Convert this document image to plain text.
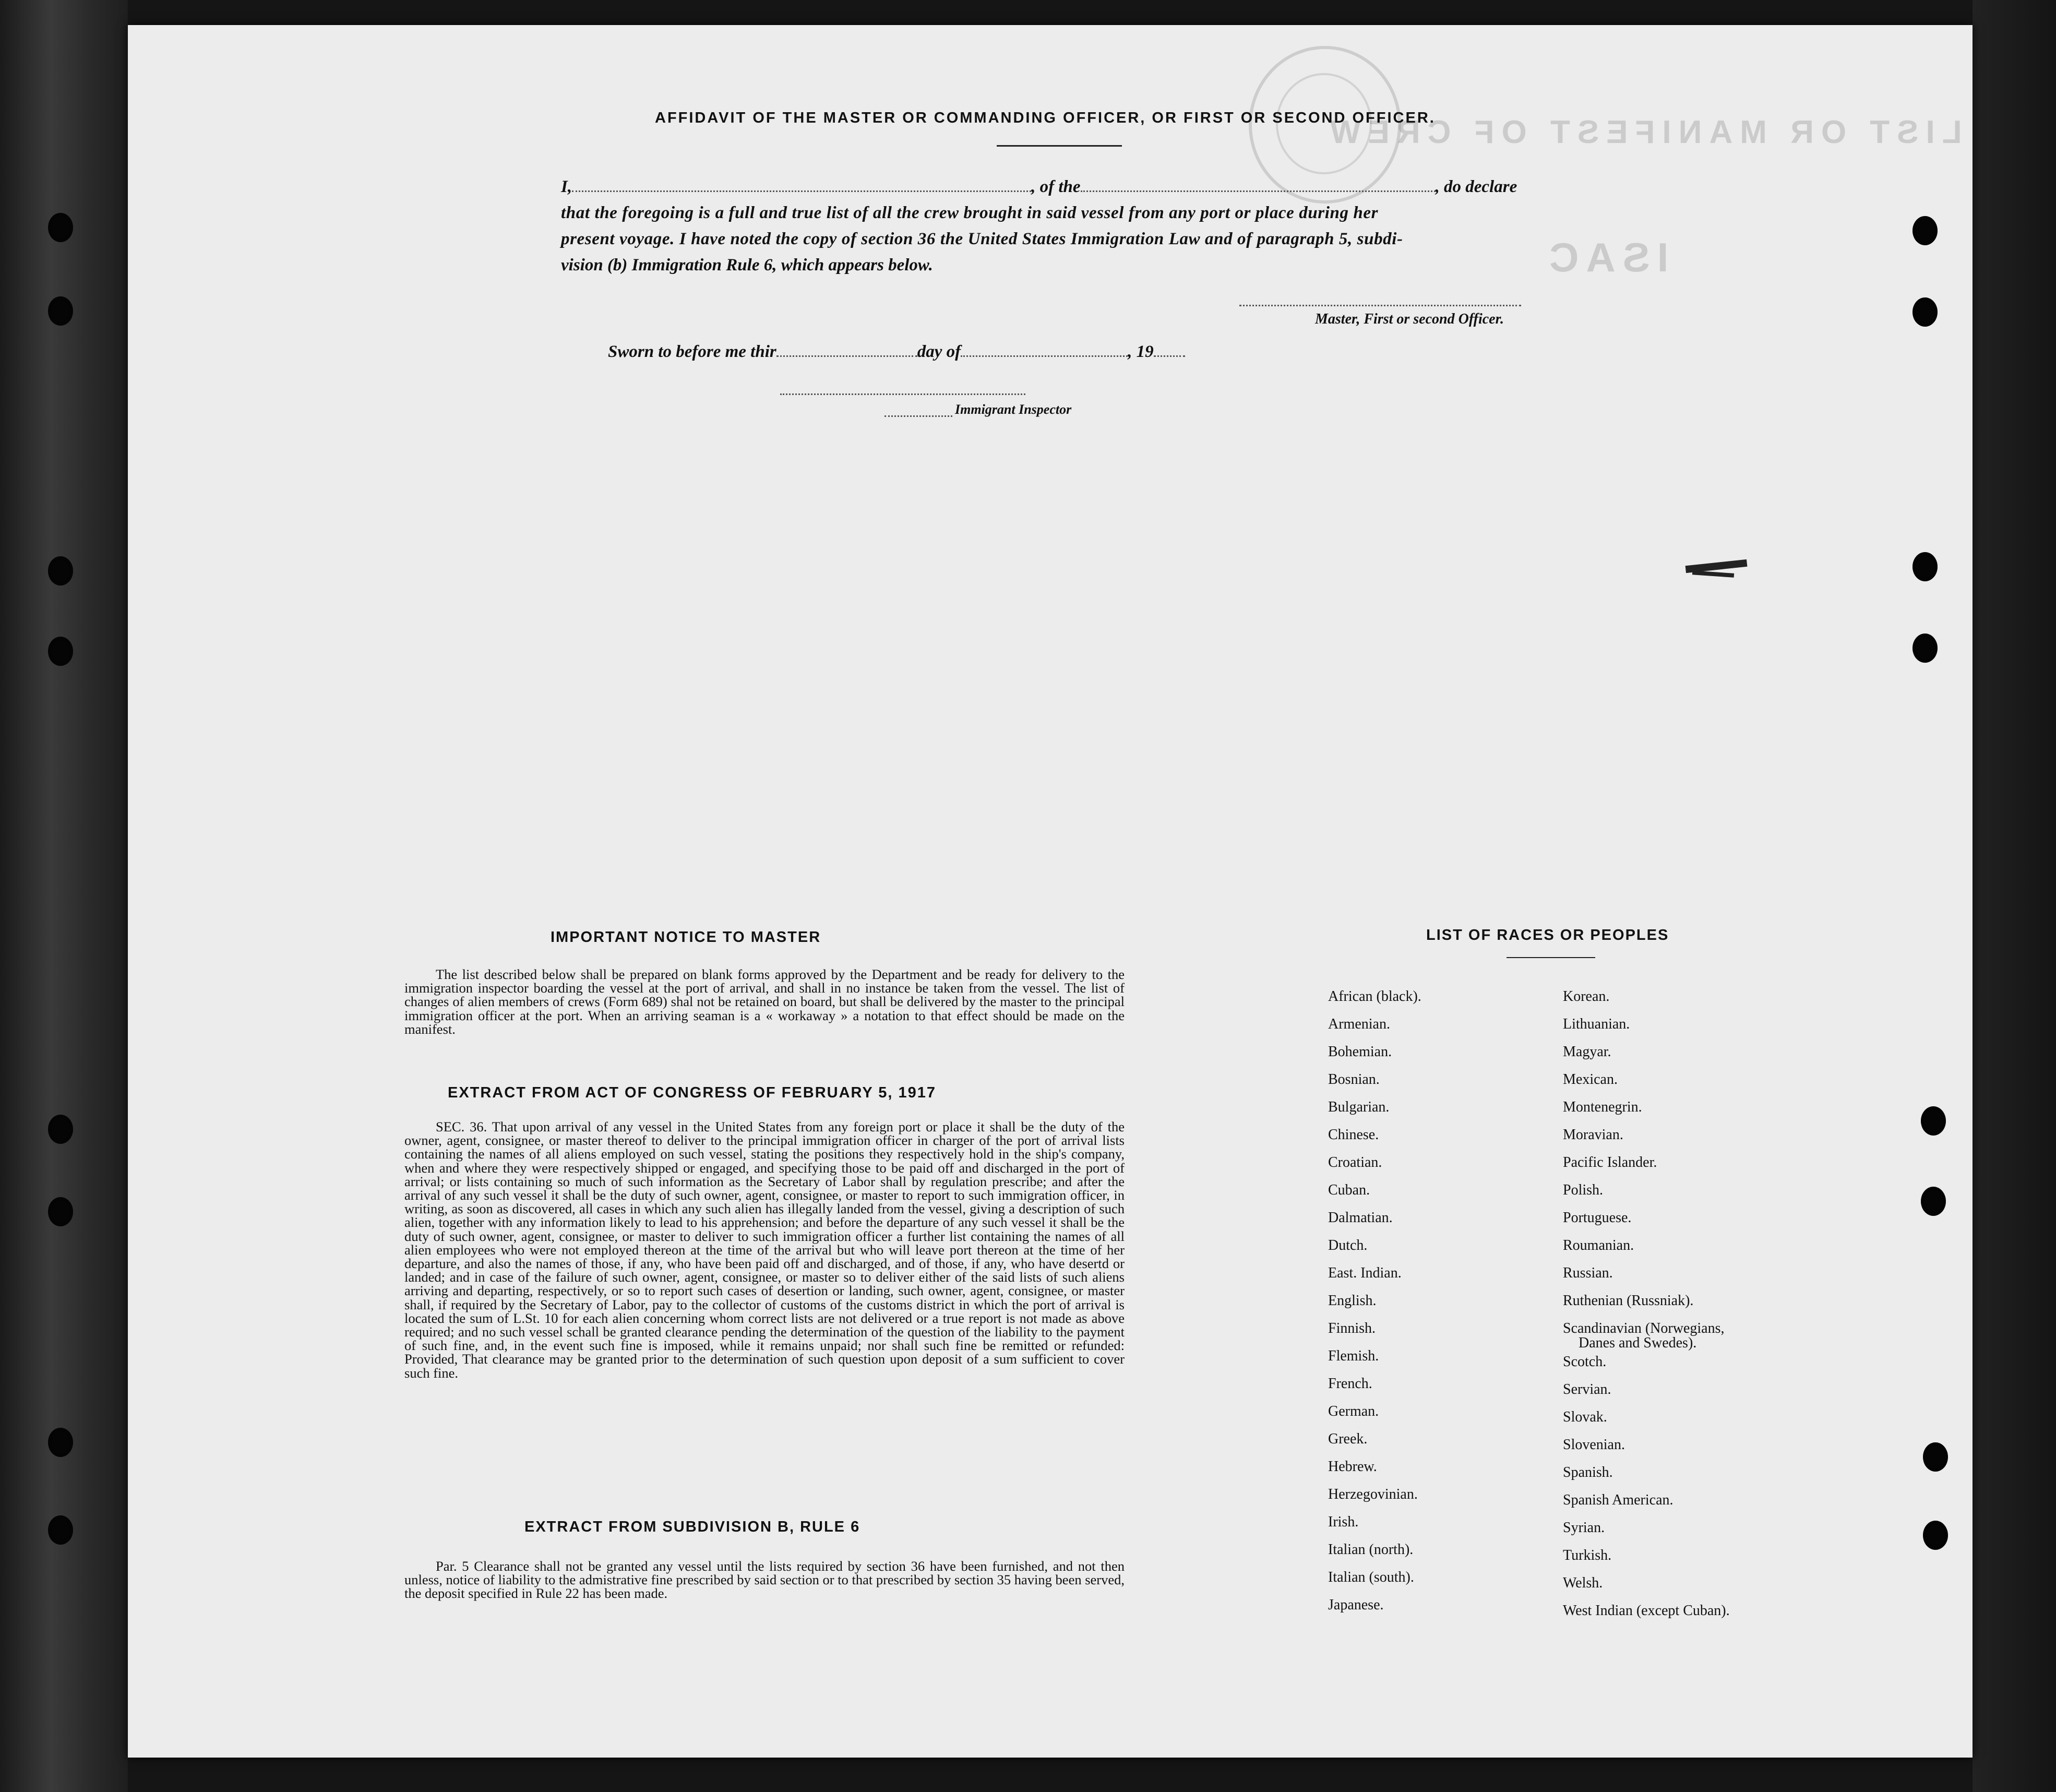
LIST OR MANIFEST OF CREW
ISAC
AFFIDAVIT OF THE MASTER OR COMMANDING OFFICER, OR FIRST OR SECOND OFFICER.
I,	, of the	, do declare
that the foregoing is a full and true list of all the crew brought in said vessel from any port or place during her
present voyage. I have noted the copy of section 36 the United States Immigration Law and of paragraph 5, subdi-
vision (b) Immigration Rule 6, which appears below.
Master, First or second Officer.
Sworn to before me thir	day of	, 19
Immigrant Inspector
IMPORTANT NOTICE TO MASTER
The list described below shall be prepared on blank forms approved by the Department and be ready for delivery to the immigration inspector boarding the vessel at the port of arrival, and shall in no instance be taken from the vessel. The list of changes of alien members of crews (Form 689) shal not be retained on board, but shall be delivered by the master to the principal immigration officer at the port. When an arriving seaman is a « workaway » a notation to that effect should be made on the manifest.
EXTRACT FROM ACT OF CONGRESS OF FEBRUARY 5, 1917
SEC. 36. That upon arrival of any vessel in the United States from any foreign port or place it shall be the duty of the owner, agent, consignee, or master thereof to deliver to the principal immigration officer in charger of the port of arrival lists containing the names of all aliens employed on such vessel, stating the positions they respectively hold in the ship's company, when and where they were respectively shipped or engaged, and specifying those to be paid off and discharged in the port of arrival; or lists containing so much of such information as the Secretary of Labor shall by regulation prescribe; and after the arrival of any such vessel it shall be the duty of such owner, agent, consignee, or master to report to such immigration officer, in writing, as soon as discovered, all cases in which any such alien has illegally landed from the vessel, giving a description of such alien, together with any information likely to lead to his apprehension; and before the departure of any such vessel it shall be the duty of such owner, agent, consignee, or master to deliver to such immigration officer a further list containing the names of all alien employees who were not employed thereon at the time of the arrival but who will leave port thereon at the time of her departure, and also the names of those, if any, who have been paid off and discharged, and of those, if any, who have desertd or landed; and in case of the failure of such owner, agent, consignee, or master so to deliver either of the said lists of such aliens arriving and departing, respectively, or so to report such cases of desertion or landing, such owner, agent, consignee, or master shall, if required by the Secretary of Labor, pay to the collector of customs of the customs district in which the port of arrival is located the sum of L.St. 10 for each alien concerning whom correct lists are not delivered or a true report is not made as above required; and no such vessel schall be granted clearance pending the determination of the question of the liability to the payment of such fine, and, in the event such fine is imposed, while it remains unpaid; nor shall such fine be remitted or refunded: Provided, That clearance may be granted prior to the determination of such question upon deposit of a sum sufficient to cover such fine.
EXTRACT FROM SUBDIVISION B, RULE 6
Par. 5 Clearance shall not be granted any vessel until the lists required by section 36 have been furnished, and not then unless, notice of liability to the admistrative fine prescribed by said section or to that prescribed by section 35 having been served, the deposit specified in Rule 22 has been made.
LIST OF RACES OR PEOPLES
African (black).
Armenian.
Bohemian.
Bosnian.
Bulgarian.
Chinese.
Croatian.
Cuban.
Dalmatian.
Dutch.
East. Indian.
English.
Finnish.
Flemish.
French.
German.
Greek.
Hebrew.
Herzegovinian.
Irish.
Italian (north).
Italian (south).
Japanese.
Korean.
Lithuanian.
Magyar.
Mexican.
Montenegrin.
Moravian.
Pacific Islander.
Polish.
Portuguese.
Roumanian.
Russian.
Ruthenian (Russniak).
Scandinavian (Norwegians,
Danes and Swedes).
Scotch.
Servian.
Slovak.
Slovenian.
Spanish.
Spanish American.
Syrian.
Turkish.
Welsh.
West Indian (except Cuban).
